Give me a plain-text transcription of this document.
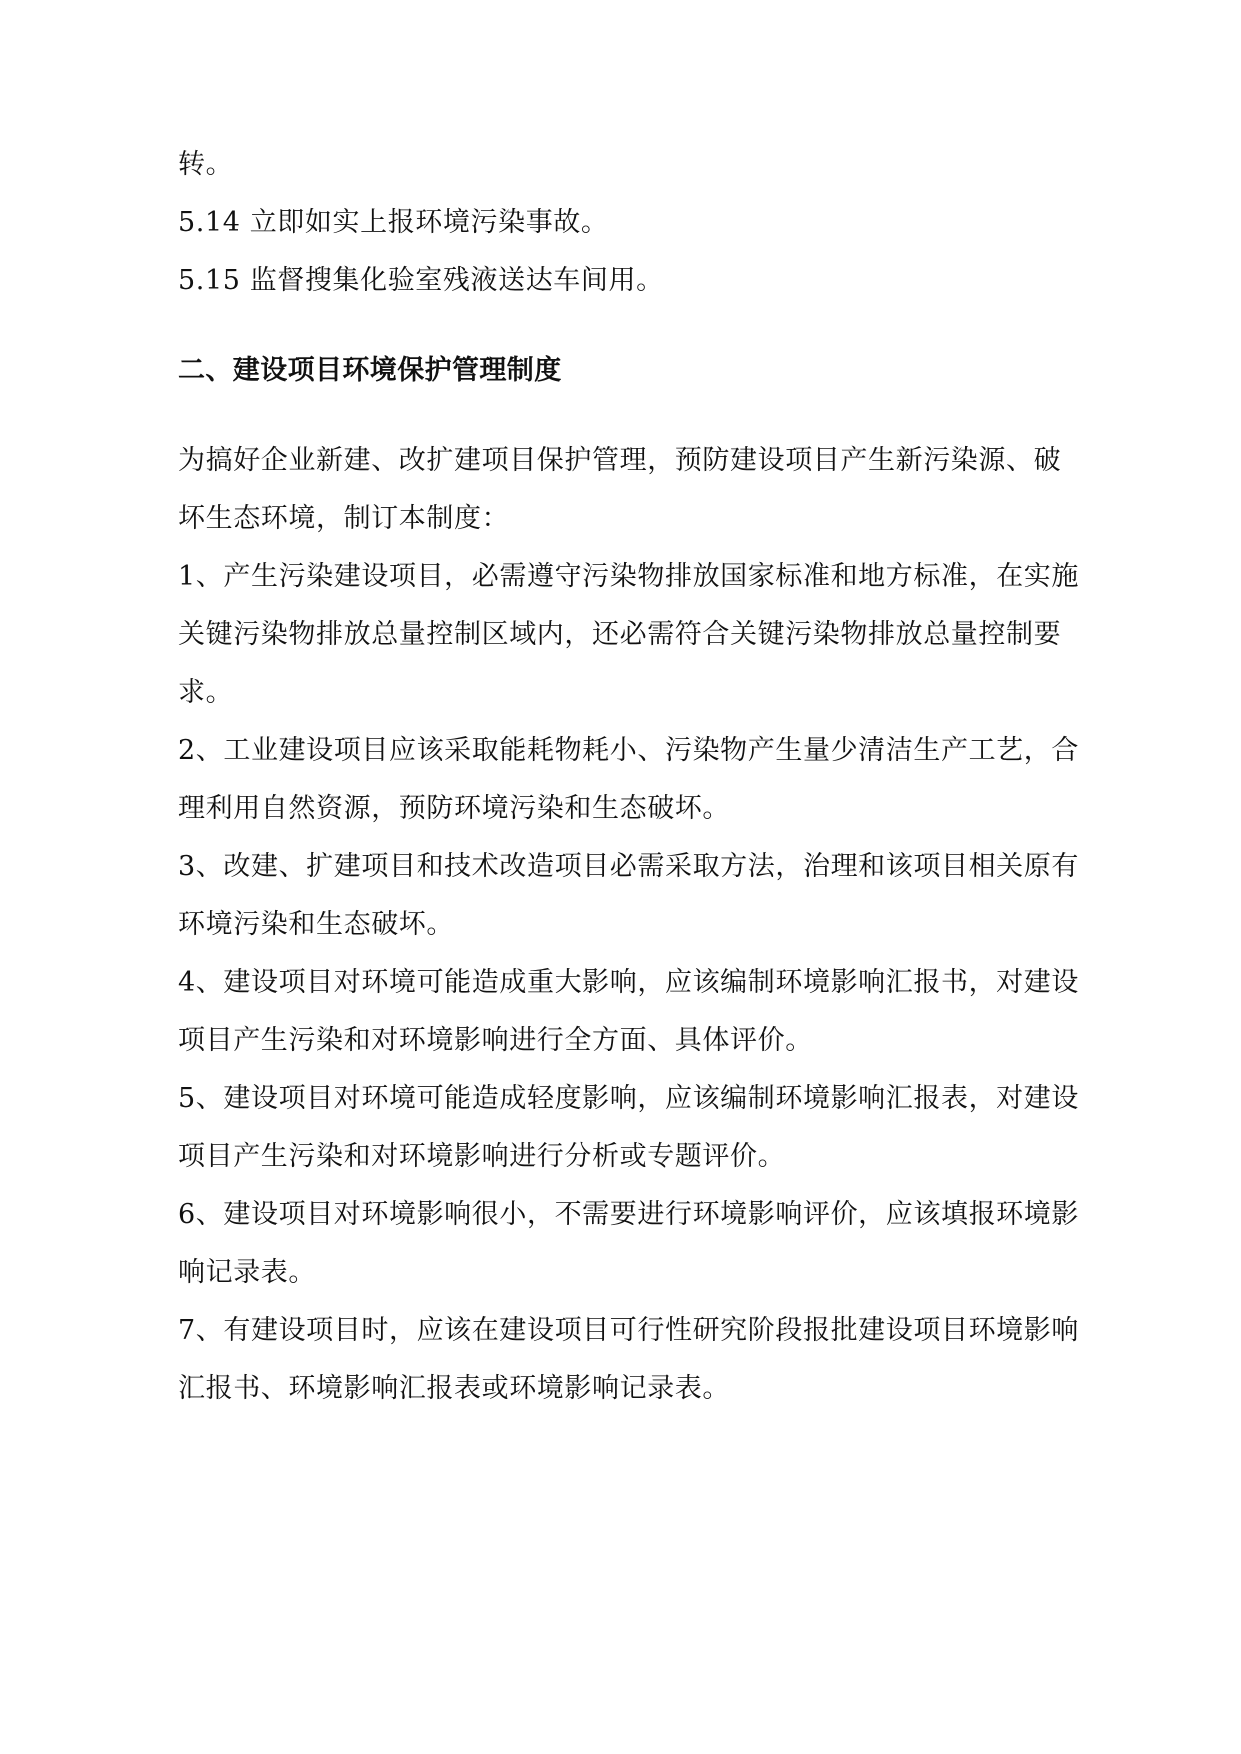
转。
5.14 立即如实上报环境污染事故。
5.15 监督搜集化验室残液送达车间用。
二、建设项目环境保护管理制度
为搞好企业新建、改扩建项目保护管理，预防建设项目产生新污染源、破
坏生态环境，制订本制度：
1、产生污染建设项目，必需遵守污染物排放国家标准和地方标准，在实施
关键污染物排放总量控制区域内，还必需符合关键污染物排放总量控制要
求。
2、工业建设项目应该采取能耗物耗小、污染物产生量少清洁生产工艺，合
理利用自然资源，预防环境污染和生态破坏。
3、改建、扩建项目和技术改造项目必需采取方法，治理和该项目相关原有
环境污染和生态破坏。
4、建设项目对环境可能造成重大影响，应该编制环境影响汇报书，对建设
项目产生污染和对环境影响进行全方面、具体评价。
5、建设项目对环境可能造成轻度影响，应该编制环境影响汇报表，对建设
项目产生污染和对环境影响进行分析或专题评价。
6、建设项目对环境影响很小，不需要进行环境影响评价，应该填报环境影
响记录表。
7、有建设项目时，应该在建设项目可行性研究阶段报批建设项目环境影响
汇报书、环境影响汇报表或环境影响记录表。
